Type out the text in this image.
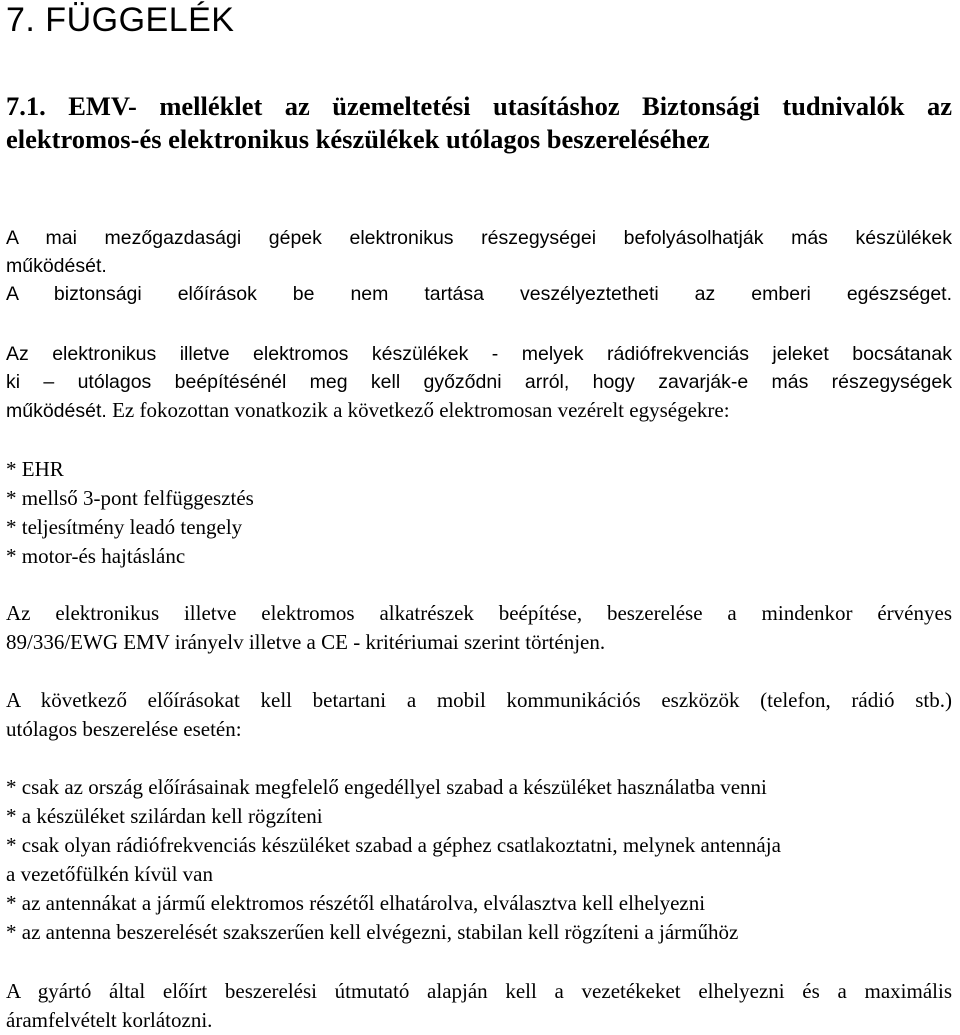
7. FÜGGELÉK
7.1. EMV- melléklet az üzemeltetési utasításhoz Biztonsági tudnivalók az elektromos-és elektronikus készülékek utólagos beszereléséhez
A mai mezőgazdasági gépek elektronikus részegységei befolyásolhatják más készülékek
működését.
A biztonsági előírások be nem tartása veszélyeztetheti az emberi egészséget.
Az elektronikus illetve elektromos készülékek - melyek rádiófrekvenciás jeleket bocsátanak
ki – utólagos beépítésénél meg kell győződni arról, hogy zavarják-e más részegységek
működését. Ez fokozottan vonatkozik a következő elektromosan vezérelt egységekre:
* EHR
* mellső 3-pont felfüggesztés
* teljesítmény leadó tengely
* motor-és hajtáslánc
Az elektronikus illetve elektromos alkatrészek beépítése, beszerelése a mindenkor érvényes
89/336/EWG EMV irányelv illetve a CE - kritériumai szerint történjen.
A következő előírásokat kell betartani a mobil kommunikációs eszközök (telefon, rádió stb.)
utólagos beszerelése esetén:
* csak az ország előírásainak megfelelő engedéllyel szabad a készüléket használatba venni
* a készüléket szilárdan kell rögzíteni
* csak olyan rádiófrekvenciás készüléket szabad a géphez csatlakoztatni, melynek antennája
a vezetőfülkén kívül van
* az antennákat a jármű elektromos részétől elhatárolva, elválasztva kell elhelyezni
* az antenna beszerelését szakszerűen kell elvégezni, stabilan kell rögzíteni a járműhöz
A gyártó által előírt beszerelési útmutató alapján kell a vezetékeket elhelyezni és a maximális
áramfelvételt korlátozni.
